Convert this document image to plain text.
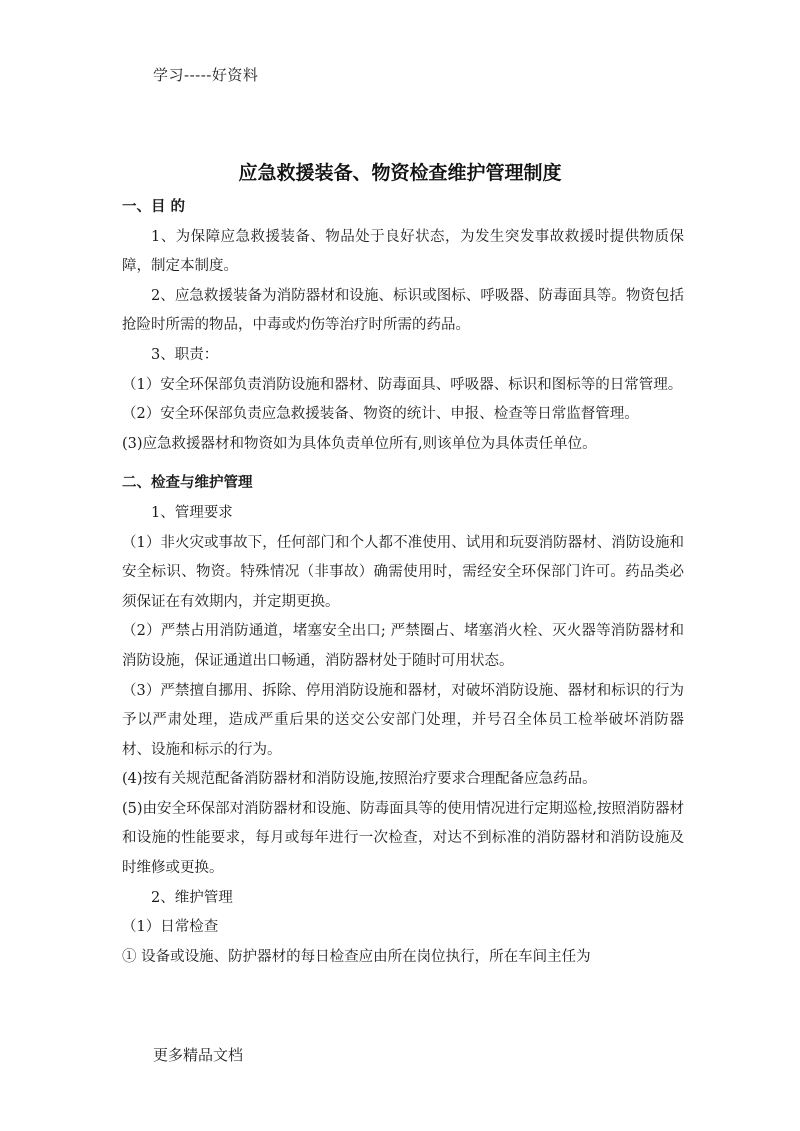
学习-----好资料
应急救援装备、物资检查维护管理制度

一、目 的

1、为保障应急救援装备、物品处于良好状态，为发生突发事故救援时提供物质保障，制定本制度。

2、应急救援装备为消防器材和设施、标识或图标、呼吸器、防毒面具等。物资包括抢险时所需的物品，中毒或灼伤等治疗时所需的药品。

3、职责：

（1）安全环保部负责消防设施和器材、防毒面具、呼吸器、标识和图标等的日常管理。

（2）安全环保部负责应急救援装备、物资的统计、申报、检查等日常监督管理。

(3)应急救援器材和物资如为具体负责单位所有,则该单位为具体责任单位。

二、检查与维护管理

1、管理要求

（1）非火灾或事故下，任何部门和个人都不准使用、试用和玩耍消防器材、消防设施和安全标识、物资。特殊情况（非事故）确需使用时，需经安全环保部门许可。药品类必须保证在有效期内，并定期更换。

（2）严禁占用消防通道，堵塞安全出口; 严禁圈占、堵塞消火栓、灭火器等消防器材和消防设施，保证通道出口畅通，消防器材处于随时可用状态。

（3）严禁擅自挪用、拆除、停用消防设施和器材，对破坏消防设施、器材和标识的行为予以严肃处理，造成严重后果的送交公安部门处理，并号召全体员工检举破坏消防器材、设施和标示的行为。

(4)按有关规范配备消防器材和消防设施,按照治疗要求合理配备应急药品。

(5)由安全环保部对消防器材和设施、防毒面具等的使用情况进行定期巡检,按照消防器材和设施的性能要求，每月或每年进行一次检查，对达不到标准的消防器材和消防设施及时维修或更换。

2、维护管理

（1）日常检查

① 设备或设施、防护器材的每日检查应由所在岗位执行，所在车间主任为

更多精品文档
